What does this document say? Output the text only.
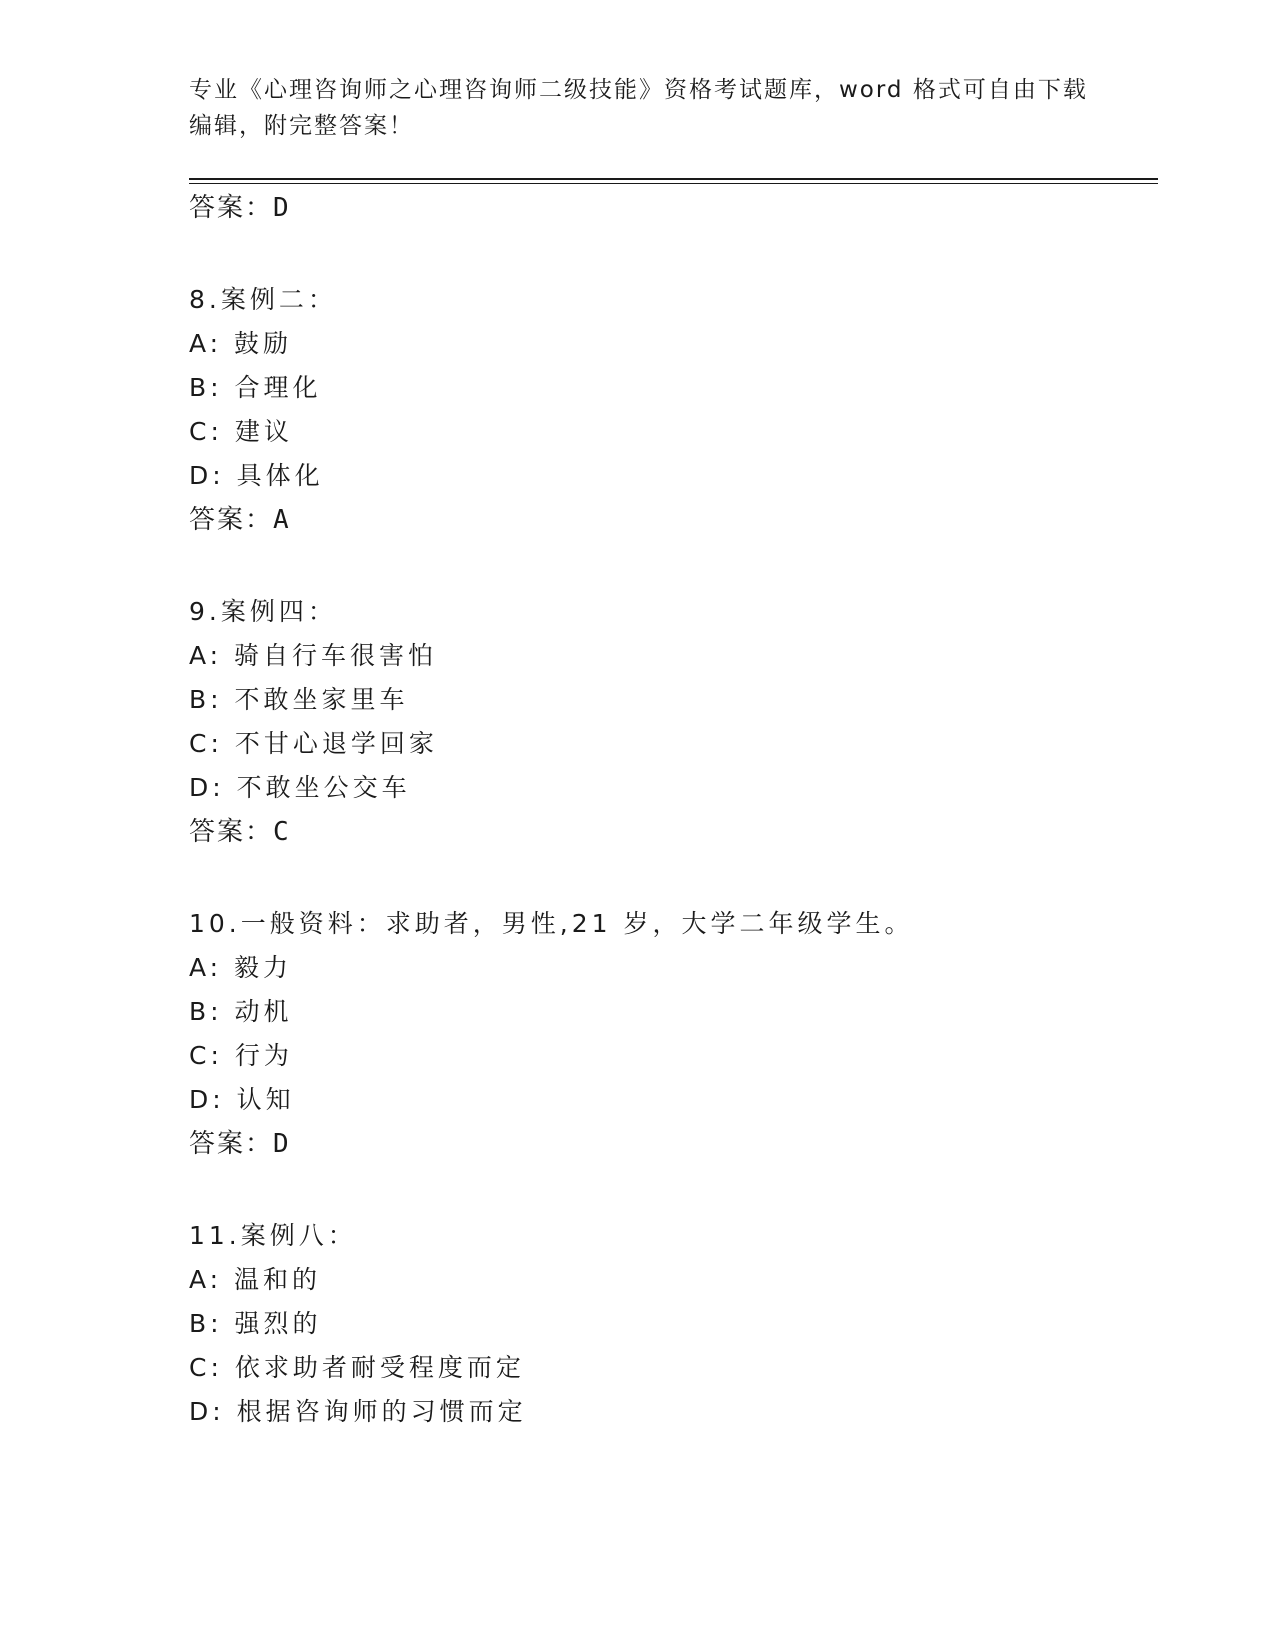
专业《心理咨询师之心理咨询师二级技能》资格考试题库，word 格式可自由下载
编辑，附完整答案！
答案：D
8.案例二：
A: 鼓励
B: 合理化
C: 建议
D: 具体化
答案：A
9.案例四：
A: 骑自行车很害怕
B: 不敢坐家里车
C: 不甘心退学回家
D: 不敢坐公交车
答案：C
10.一般资料：求助者，男性,21 岁，大学二年级学生。
A: 毅力
B: 动机
C: 行为
D: 认知
答案：D
11.案例八：
A: 温和的
B: 强烈的
C: 依求助者耐受程度而定
D: 根据咨询师的习惯而定
